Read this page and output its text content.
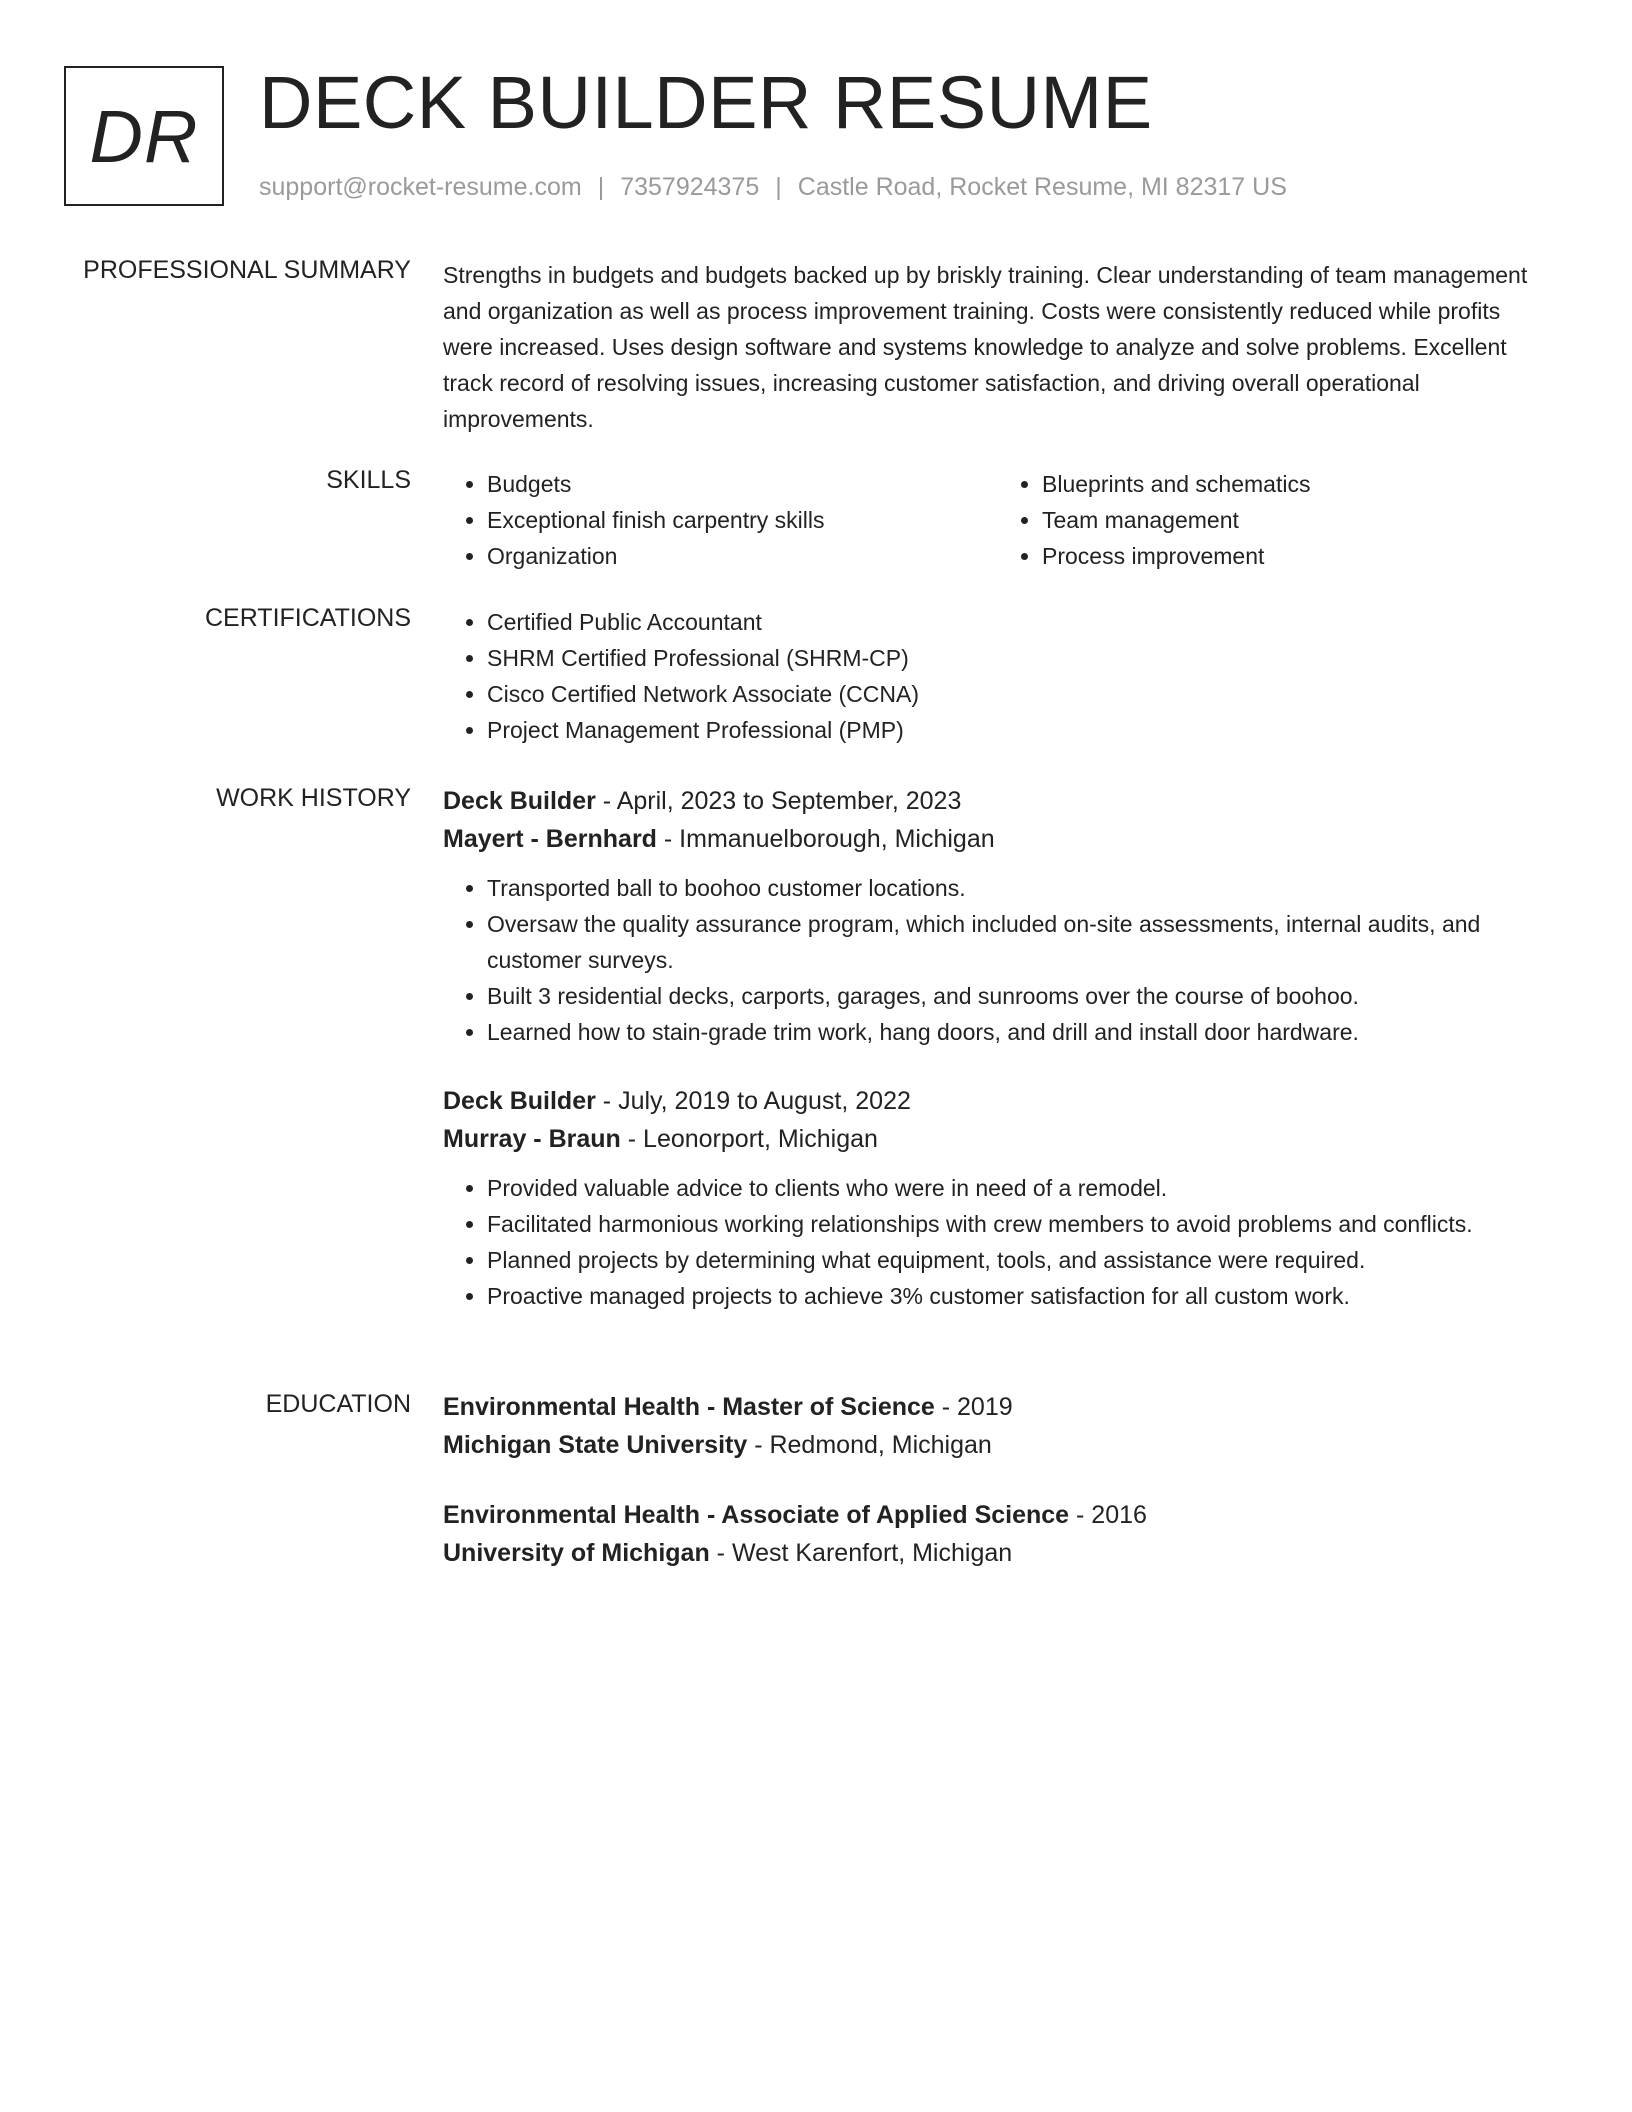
DR DECK BUILDER RESUME
support@rocket-resume.com | 7357924375 | Castle Road, Rocket Resume, MI 82317 US
PROFESSIONAL SUMMARY Strengths in budgets and budgets backed up by briskly training. Clear understanding of team management and organization as well as process improvement training. Costs were consistently reduced while profits were increased. Uses design software and systems knowledge to analyze and solve problems. Excellent track record of resolving issues, increasing customer satisfaction, and driving overall operational improvements.
SKILLS	• Budgets
• Exceptional finish carpentry skills
• Organization
• Blueprints and schematics
• Team management
• Process improvement
CERTIFICATIONS	• Certified Public Accountant
• SHRM Certified Professional (SHRM-CP)
• Cisco Certified Network Associate (CCNA)
• Project Management Professional (PMP)
WORK HISTORY Deck Builder - April, 2023 to September, 2023
Mayert - Bernhard - Immanuelborough, Michigan
• Transported ball to boohoo customer locations.
• Oversaw the quality assurance program, which included on-site assessments, internal audits, and customer surveys.
• Built 3 residential decks, carports, garages, and sunrooms over the course of boohoo.
• Learned how to stain-grade trim work, hang doors, and drill and install door hardware.
Deck Builder - July, 2019 to August, 2022
Murray - Braun - Leonorport, Michigan
• Provided valuable advice to clients who were in need of a remodel.
• Facilitated harmonious working relationships with crew members to avoid problems and conflicts.
• Planned projects by determining what equipment, tools, and assistance were required.
• Proactive managed projects to achieve 3% customer satisfaction for all custom work.
EDUCATION Environmental Health - Master of Science - 2019
Michigan State University - Redmond, Michigan
Environmental Health - Associate of Applied Science - 2016
University of Michigan - West Karenfort, Michigan
